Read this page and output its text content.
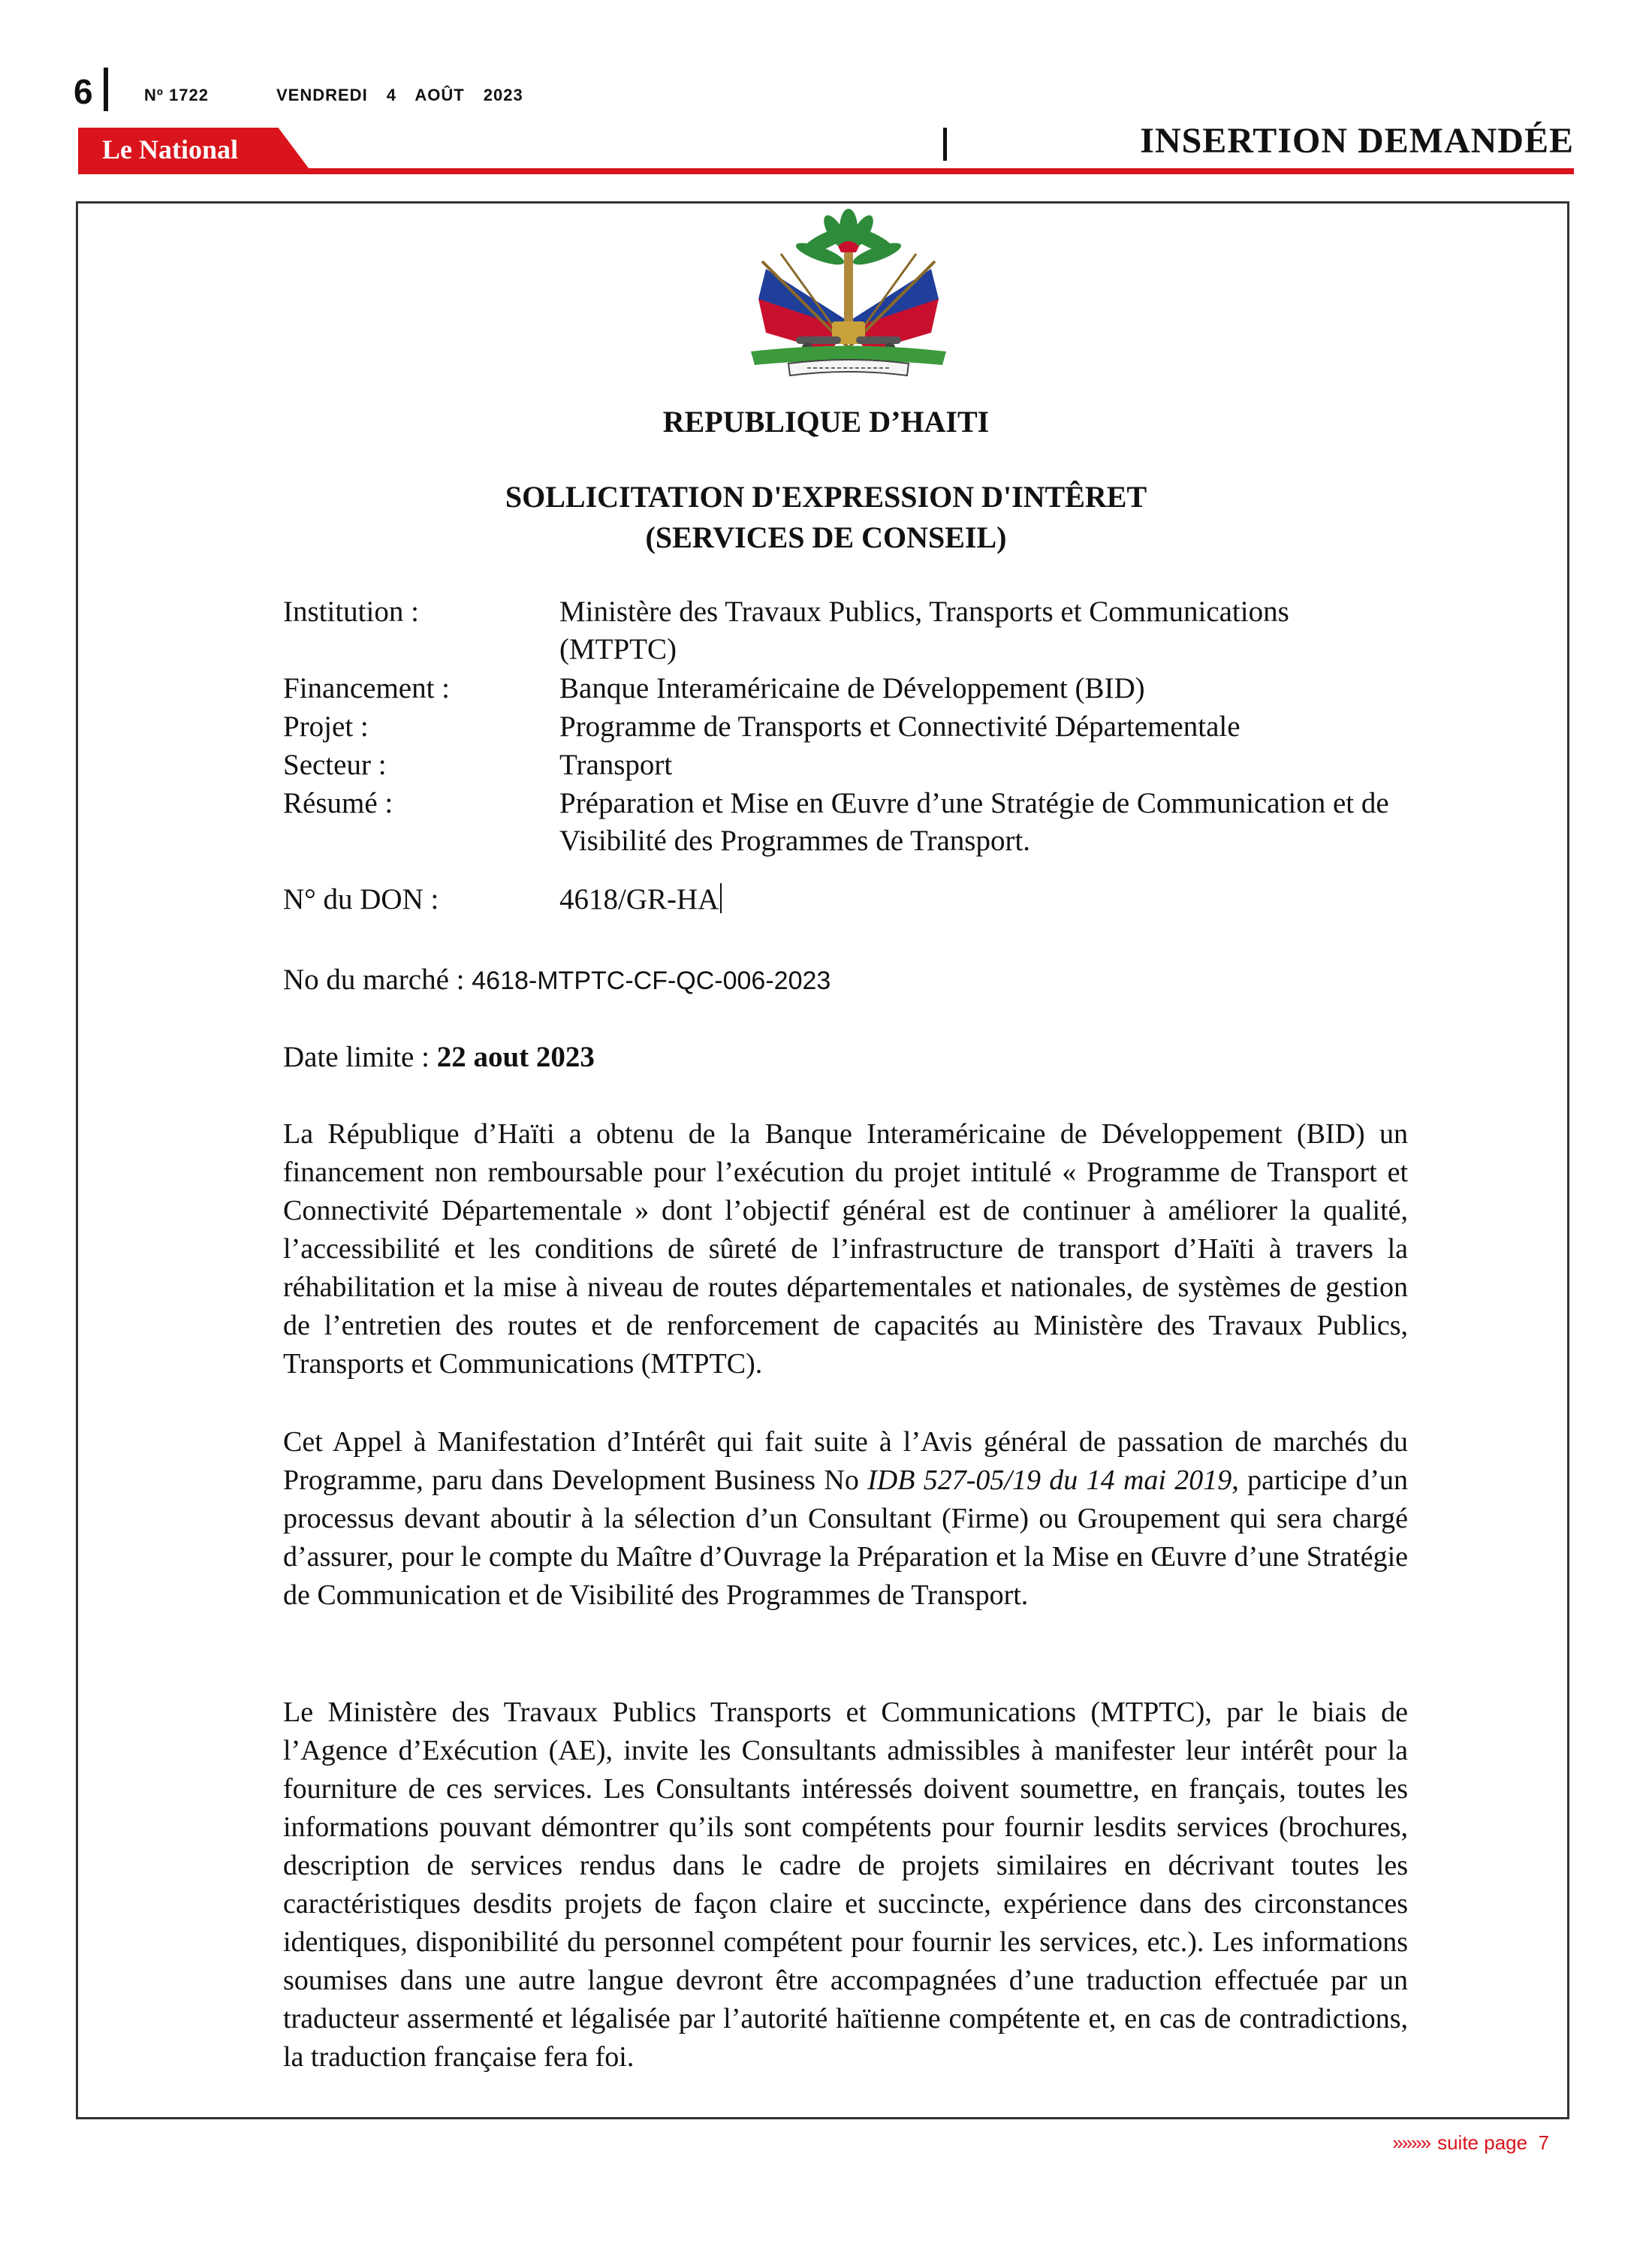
6	Nº 1722	VENDREDI 4 AOÛT 2023
Le National	INSERTION DEMANDÉE
REPUBLIQUE D’HAITI
SOLLICITATION D'EXPRESSION D'INTÊRET
(SERVICES DE CONSEIL)
Institution :	Ministère des Travaux Publics, Transports et Communications (MTPTC)
Financement :	Banque Interaméricaine de Développement (BID)
Projet :	Programme de Transports et Connectivité Départementale
Secteur :	Transport
Résumé :	Préparation et Mise en Œuvre d’une Stratégie de Communication et de Visibilité des Programmes de Transport.
N° du DON :	4618/GR-HA
No du marché : 4618-MTPTC-CF-QC-006-2023
Date limite : 22 aout 2023
La République d’Haïti a obtenu de la Banque Interaméricaine de Développement (BID) un financement non remboursable pour l’exécution du projet intitulé « Programme de Transport et Connectivité Départementale » dont l’objectif général est de continuer à améliorer la qualité, l’accessibilité et les conditions de sûreté de l’infrastructure de transport d’Haïti à travers la réhabilitation et la mise à niveau de routes départementales et nationales, de systèmes de gestion de l’entretien des routes et de renforcement de capacités au Ministère des Travaux Publics, Transports et Communications (MTPTC).
Cet Appel à Manifestation d’Intérêt qui fait suite à l’Avis général de passation de marchés du Programme, paru dans Development Business No IDB 527-05/19 du 14 mai 2019, participe d’un processus devant aboutir à la sélection d’un Consultant (Firme) ou Groupement qui sera chargé d’assurer, pour le compte du Maître d’Ouvrage la Préparation et la Mise en Œuvre d’une Stratégie de Communication et de Visibilité des Programmes de Transport.
Le Ministère des Travaux Publics Transports et Communications (MTPTC), par le biais de l’Agence d’Exécution (AE), invite les Consultants admissibles à manifester leur intérêt pour la fourniture de ces services. Les Consultants intéressés doivent soumettre, en français, toutes les informations pouvant démontrer qu’ils sont compétents pour fournir lesdits services (brochures, description de services rendus dans le cadre de projets similaires en décrivant toutes les caractéristiques desdits projets de façon claire et succincte, expérience dans des circonstances identiques, disponibilité du personnel compétent pour fournir les services, etc.). Les informations soumises dans une autre langue devront être accompagnées d’une traduction effectuée par un traducteur assermenté et légalisée par l’autorité haïtienne compétente et, en cas de contradictions, la traduction française fera foi.
»»»» suite page 7
